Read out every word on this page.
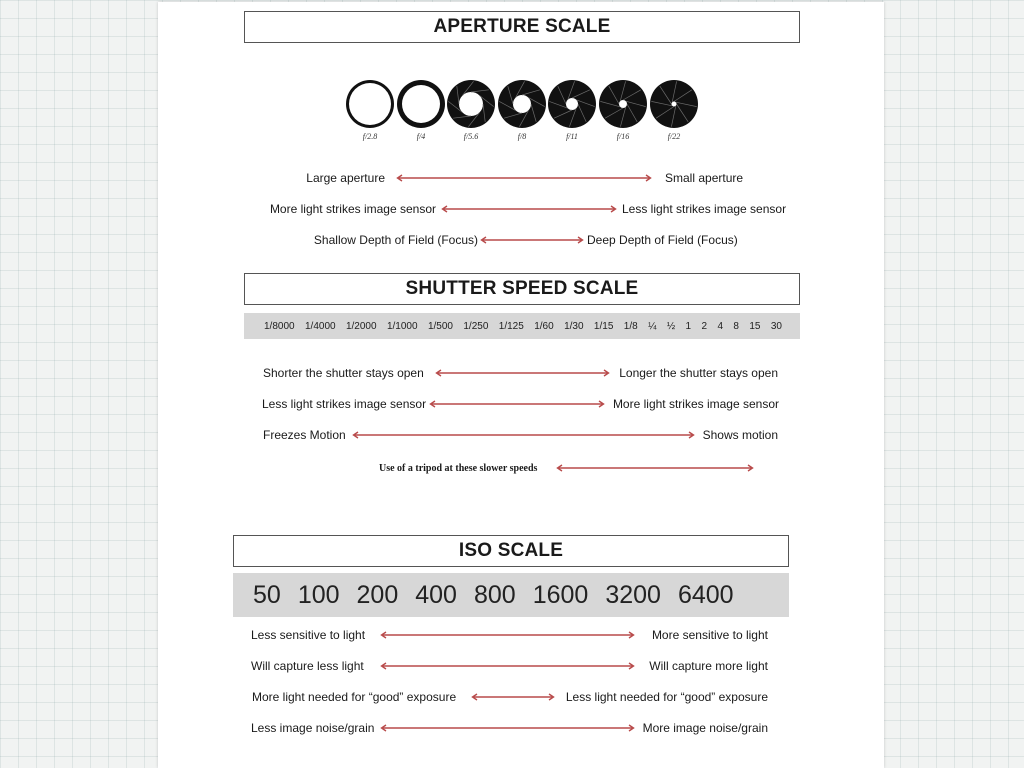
APERTURE SCALE
f/2.8	f/4	f/5.6	f/8	f/11	f/16	f/22
Large aperture	Small aperture
More light strikes image sensor	Less light strikes image sensor
Shallow Depth of Field (Focus)	Deep Depth of Field (Focus)
SHUTTER SPEED SCALE
1/8000 1/4000 1/2000 1/1000 1/500 1/250 1/125 1/60 1/30 1/15 1/8 ¼ ½ 1 2 4 8 15 30
Shorter the shutter stays open	Longer the shutter stays open
Less light strikes image sensor	More light strikes image sensor
Freezes Motion	Shows motion
Use of a tripod at these slower speeds
ISO SCALE
50 100 200 400 800 1600 3200 6400
Less sensitive to light	More sensitive to light
Will capture less light	Will capture more light
More light needed for “good” exposure	Less light needed for “good” exposure
Less image noise/grain	More image noise/grain
